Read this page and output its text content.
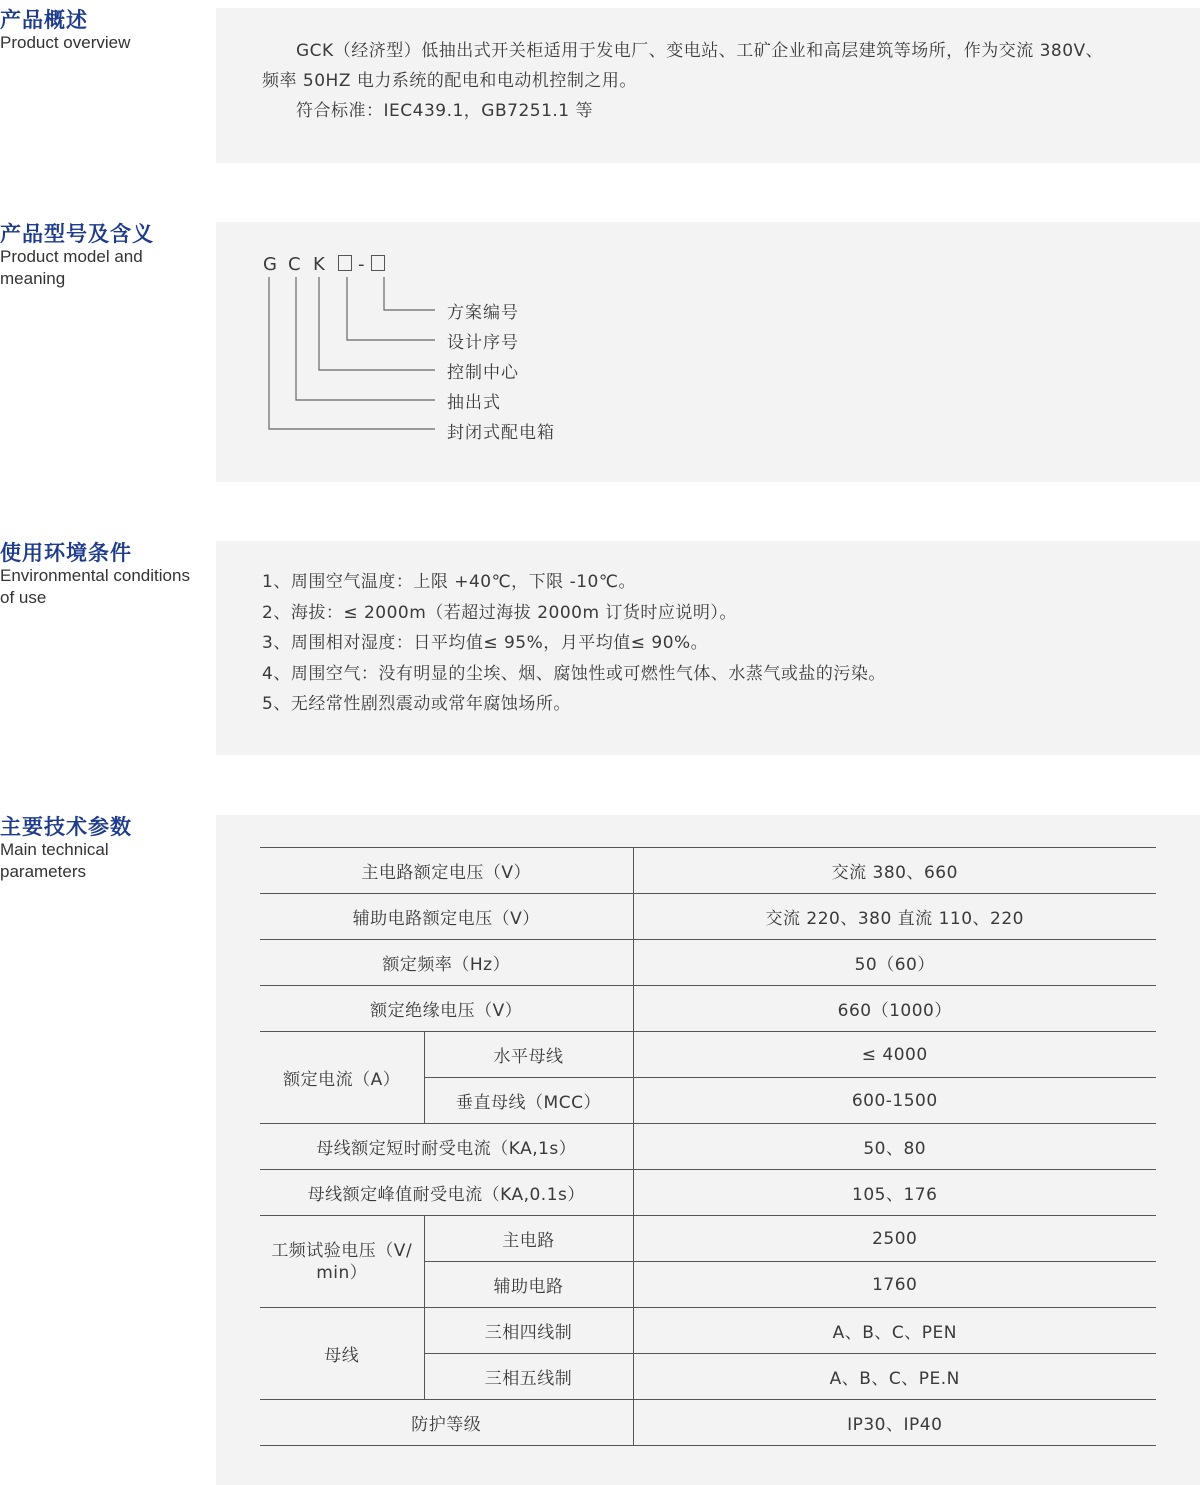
产品概述
Product overview	GCK（经济型）低抽出式开关柜适用于发电厂、变电站、工矿企业和高层建筑等场所，作为交流 380V、
频率 50HZ 电力系统的配电和电动机控制之用。
符合标准：IEC439.1，GB7251.1 等
产品型号及含义
Product model and
meaning
G C K -
方案编号
设计序号
控制中心
抽出式
封闭式配电箱
使用环境条件
Environmental conditions
of use
1、周围空气温度：上限 +40℃，下限 -10℃。
2、海拔：≤ 2000m（若超过海拔 2000m 订货时应说明）。
3、周围相对湿度：日平均值≤ 95%，月平均值≤ 90%。
4、周围空气：没有明显的尘埃、烟、腐蚀性或可燃性气体、水蒸气或盐的污染。
5、无经常性剧烈震动或常年腐蚀场所。
主要技术参数
Main technical
parameters	主电路额定电压（V）		交流 380、660
辅助电路额定电压（V）		交流 220、380 直流 110、220
额定频率（Hz）		50（60）
额定绝缘电压（V）		660（1000）
额定电流（A）	水平母线	≤ 4000
	垂直母线（MCC）	600-1500
母线额定短时耐受电流（KA,1s）		50、80
母线额定峰值耐受电流（KA,0.1s）		105、176

工频试验电压（V/
min）	主电路	2500
	辅助电路	1760
母线	三相四线制	A、B、C、PEN
	三相五线制	A、B、C、PE.N
防护等级		IP30、IP40
